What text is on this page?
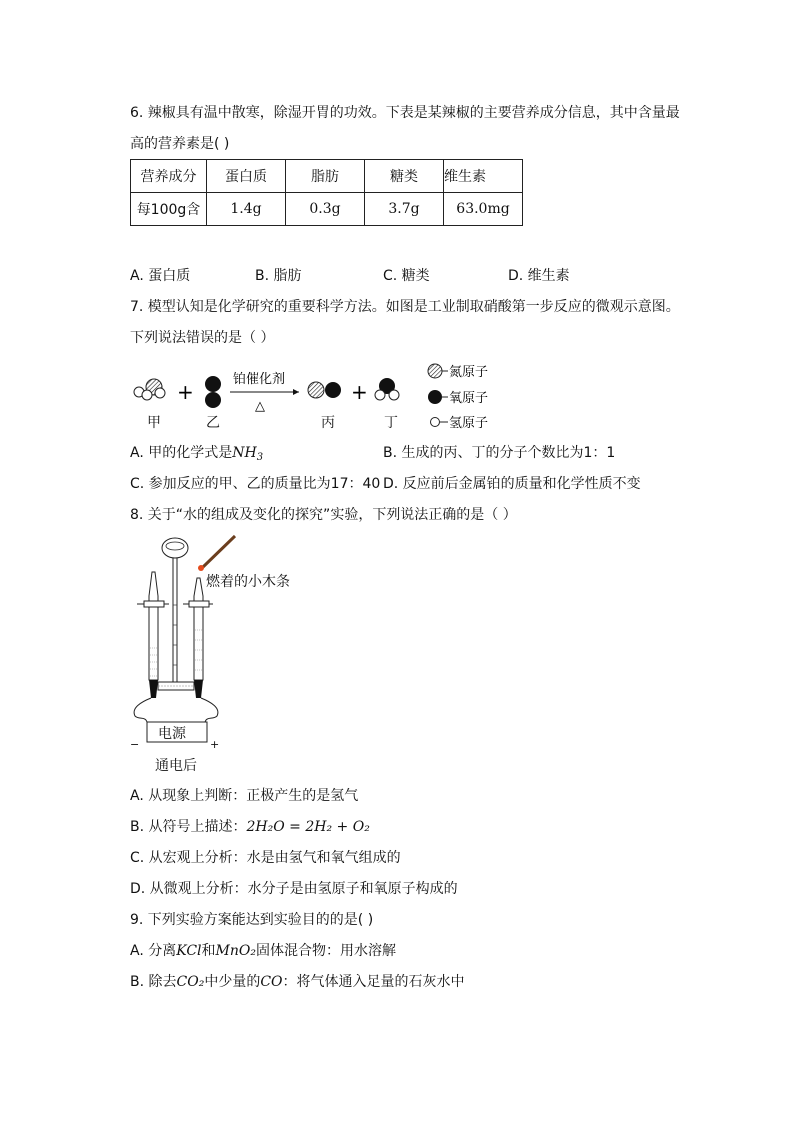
6. 辣椒具有温中散寒，除湿开胃的功效。下表是某辣椒的主要营养成分信息，其中含量最
高的营养素是( )
营养成分	蛋白质	脂肪	糖类	维生素
每100g含	1.4g	0.3g	3.7g	63.0mg
A. 蛋白质	B. 脂肪	C. 糖类	D. 维生素
7. 模型认知是化学研究的重要科学方法。如图是工业制取硝酸第一步反应的微观示意图。
下列说法错误的是（ ）
+
铂催化剂
△
+
氮原子
氧原子
氢原子
甲	乙	丙	丁
A. 甲的化学式是$NH_3$	B. 生成的丙、丁的分子个数比为1：1
C. 参加反应的甲、乙的质量比为17：40 D. 反应前后金属铂的质量和化学性质不变
8. 关于“水的组成及变化的探究”实验，下列说法正确的是（ ）
燃着的小木条
电源
−	+
通电后
A. 从现象上判断：正极产生的是氢气
B. 从符号上描述：2H₂O = 2H₂ + O₂
C. 从宏观上分析：水是由氢气和氧气组成的
D. 从微观上分析：水分子是由氢原子和氧原子构成的
9. 下列实验方案能达到实验目的的是( )
A. 分离KCl和MnO₂固体混合物：用水溶解
B. 除去CO₂中少量的CO：将气体通入足量的石灰水中
